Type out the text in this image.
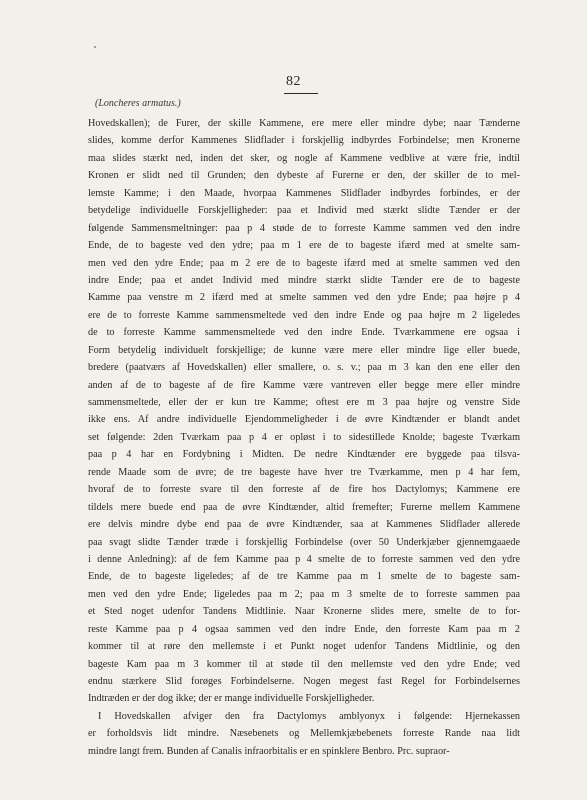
82
(Loncheres armatus.)
Hovedskallen); de Furer, der skille Kammene, ere mere eller mindre dybe; naar Tænderne
slides, komme derfor Kammenes Slidflader i forskjellig indbyrdes Forbindelse; men Kronerne
maa slides stærkt ned, inden det sker, og nogle af Kammene vedblive at være frie, indtil
Kronen er slidt ned til Grunden; den dybeste af Furerne er den, der skiller de to mel-
lemste Kamme; i den Maade, hvorpaa Kammenes Slidflader indbyrdes forbindes, er der
betydelige individuelle Forskjelligheder: paa et Individ med stærkt slidte Tænder er der
følgende Sammensmeltninger: paa p 4 støde de to forreste Kamme sammen ved den indre
Ende, de to bageste ved den ydre; paa m 1 ere de to bageste ifærd med at smelte sam-
men ved den ydre Ende; paa m 2 ere de to bageste ifærd med at smelte sammen ved den
indre Ende; paa et andet Individ med mindre stærkt slidte Tænder ere de to bageste
Kamme paa venstre m 2 ifærd med at smelte sammen ved den ydre Ende; paa højre p 4
ere de to forreste Kamme sammensmeltede ved den indre Ende og paa højre m 2 ligeledes
de to forreste Kamme sammensmeltede ved den indre Ende. Tværkammene ere ogsaa i
Form betydelig individuelt forskjellige; de kunne være mere eller mindre lige eller buede,
bredere (paatværs af Hovedskallen) eller smallere, o. s. v.; paa m 3 kan den ene eller den
anden af de to bageste af de fire Kamme være vantreven eller begge mere eller mindre
sammensmeltede, eller der er kun tre Kamme; oftest ere m 3 paa højre og venstre Side
ikke ens. Af andre individuelle Ejendommeligheder i de øvre Kindtænder er blandt andet
set følgende: 2den Tværkam paa p 4 er opløst i to sidestillede Knolde; bageste Tværkam
paa p 4 har en Fordybning i Midten. De nedre Kindtænder ere byggede paa tilsva-
rende Maade som de øvre; de tre bageste have hver tre Tværkamme, men p 4 har fem,
hvoraf de to forreste svare til den forreste af de fire hos Dactylomys; Kammene ere
tildels mere buede end paa de øvre Kindtænder, altid fremefter; Furerne mellem Kammene
ere delvis mindre dybe end paa de øvre Kindtænder, saa at Kammenes Slidflader allerede
paa svagt slidte Tænder træde i forskjellig Forbindelse (over 50 Underkjæber gjennemgaaede
i denne Anledning): af de fem Kamme paa p 4 smelte de to forreste sammen ved den ydre
Ende, de to bageste ligeledes; af de tre Kamme paa m 1 smelte de to bageste sam-
men ved den ydre Ende; ligeledes paa m 2; paa m 3 smelte de to forreste sammen paa
et Sted noget udenfor Tandens Midtlinie. Naar Kronerne slides mere, smelte de to for-
reste Kamme paa p 4 ogsaa sammen ved den indre Ende, den forreste Kam paa m 2
kommer til at røre den mellemste i et Punkt noget udenfor Tandens Midtlinie, og den
bageste Kam paa m 3 kommer til at støde til den mellemste ved den ydre Ende; ved
endnu stærkere Slid forøges Forbindelserne. Nogen megest fast Regel for Forbindelsernes
Indtræden er der dog ikke; der er mange individuelle Forskjelligheder.
I Hovedskallen afviger den fra Dactylomys amblyonyx i følgende: Hjernekassen
er forholdsvis lidt mindre. Næsebenets og Mellemkjæbebenets forreste Rande naa lidt
mindre langt frem. Bunden af Canalis infraorbitalis er en spinklere Benbro. Prc. supraor-
